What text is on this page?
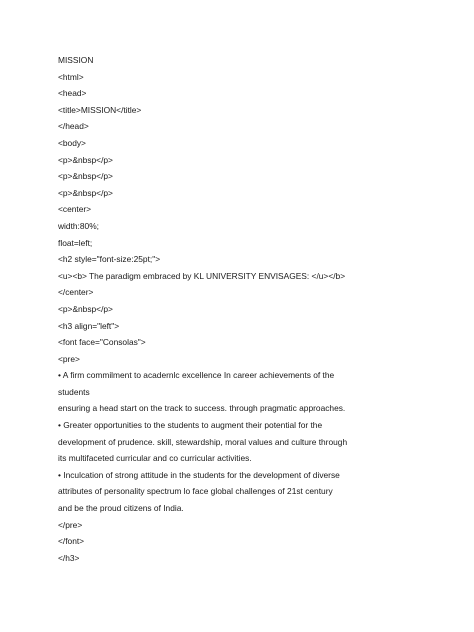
MISSION
<html>
<head>
<title>MISSION</title>
</head>
<body>
<p>&nbsp</p>
<p>&nbsp</p>
<p>&nbsp</p>
<center>
width:80%;
float=left;
<h2 style="font-size:25pt;">
<u><b> The paradigm embraced by KL UNIVERSITY ENVISAGES: </u></b>
</center>
<p>&nbsp</p>
<h3 align="left">
<font face="Consolas">
<pre>
• A firm commilment to acadernlc excellence In career achievements of the
students
ensuring a head start on the track to success. through pragmatic approaches.
• Greater opportunities to the students to augment their potential for the
development of prudence. skill, stewardship, moral values and culture through
its multifaceted curricular and co curricular activities.
• Inculcation of strong attitude in the students for the development of diverse
attributes of personality spectrum lo face global challenges of 21st century
and be the proud citizens of India.
</pre>
</font>
</h3>
